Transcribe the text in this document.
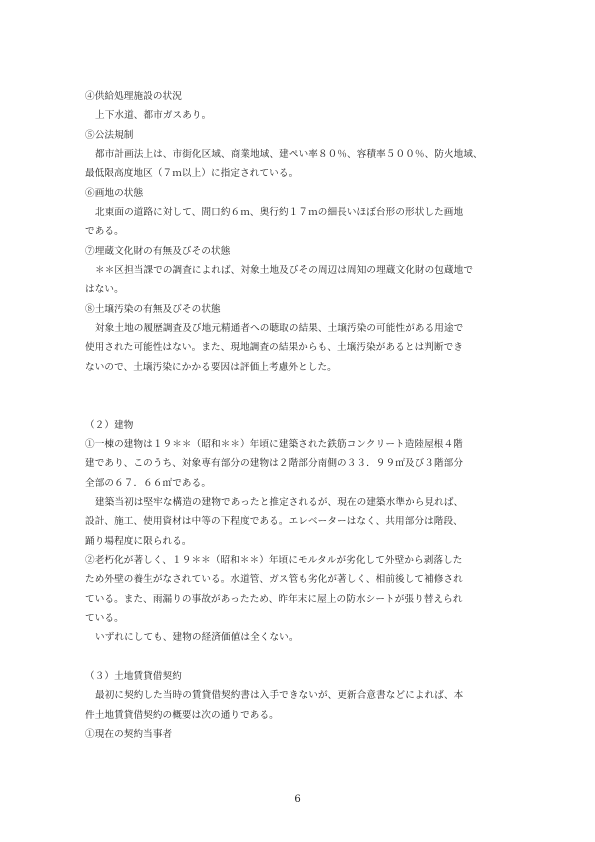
④供給処理施設の状況
上下水道、都市ガスあり。
⑤公法規制
都市計画法上は、市街化区域、商業地域、建ぺい率８０％、容積率５００％、防火地域、
最低限高度地区（７ｍ以上）に指定されている。
⑥画地の状態
北東面の道路に対して、間口約６ｍ、奥行約１７ｍの細長いほぼ台形の形状した画地
である。
⑦埋蔵文化財の有無及びその状態
＊＊区担当課での調査によれば、対象土地及びその周辺は周知の埋蔵文化財の包蔵地で
はない。
⑧土壌汚染の有無及びその状態
対象土地の履歴調査及び地元精通者への聴取の結果、土壌汚染の可能性がある用途で
使用された可能性はない。また、現地調査の結果からも、土壌汚染があるとは判断でき
ないので、土壌汚染にかかる要因は評価上考慮外とした。
（２）建物
①一棟の建物は１９＊＊（昭和＊＊）年頃に建築された鉄筋コンクリート造陸屋根４階
建であり、このうち、対象専有部分の建物は２階部分南側の３３．９９㎡及び３階部分
全部の６７．６６㎡である。
建築当初は堅牢な構造の建物であったと推定されるが、現在の建築水準から見れば、
設計、施工、使用資材は中等の下程度である。エレベーターはなく、共用部分は階段、
踊り場程度に限られる。
②老朽化が著しく、１９＊＊（昭和＊＊）年頃にモルタルが劣化して外壁から剥落した
ため外壁の養生がなされている。水道管、ガス管も劣化が著しく、相前後して補修され
ている。また、雨漏りの事故があったため、昨年末に屋上の防水シートが張り替えられ
ている。
いずれにしても、建物の経済価値は全くない。
（３）土地賃貸借契約
最初に契約した当時の賃貸借契約書は入手できないが、更新合意書などによれば、本
件土地賃貸借契約の概要は次の通りである。
①現在の契約当事者
6
